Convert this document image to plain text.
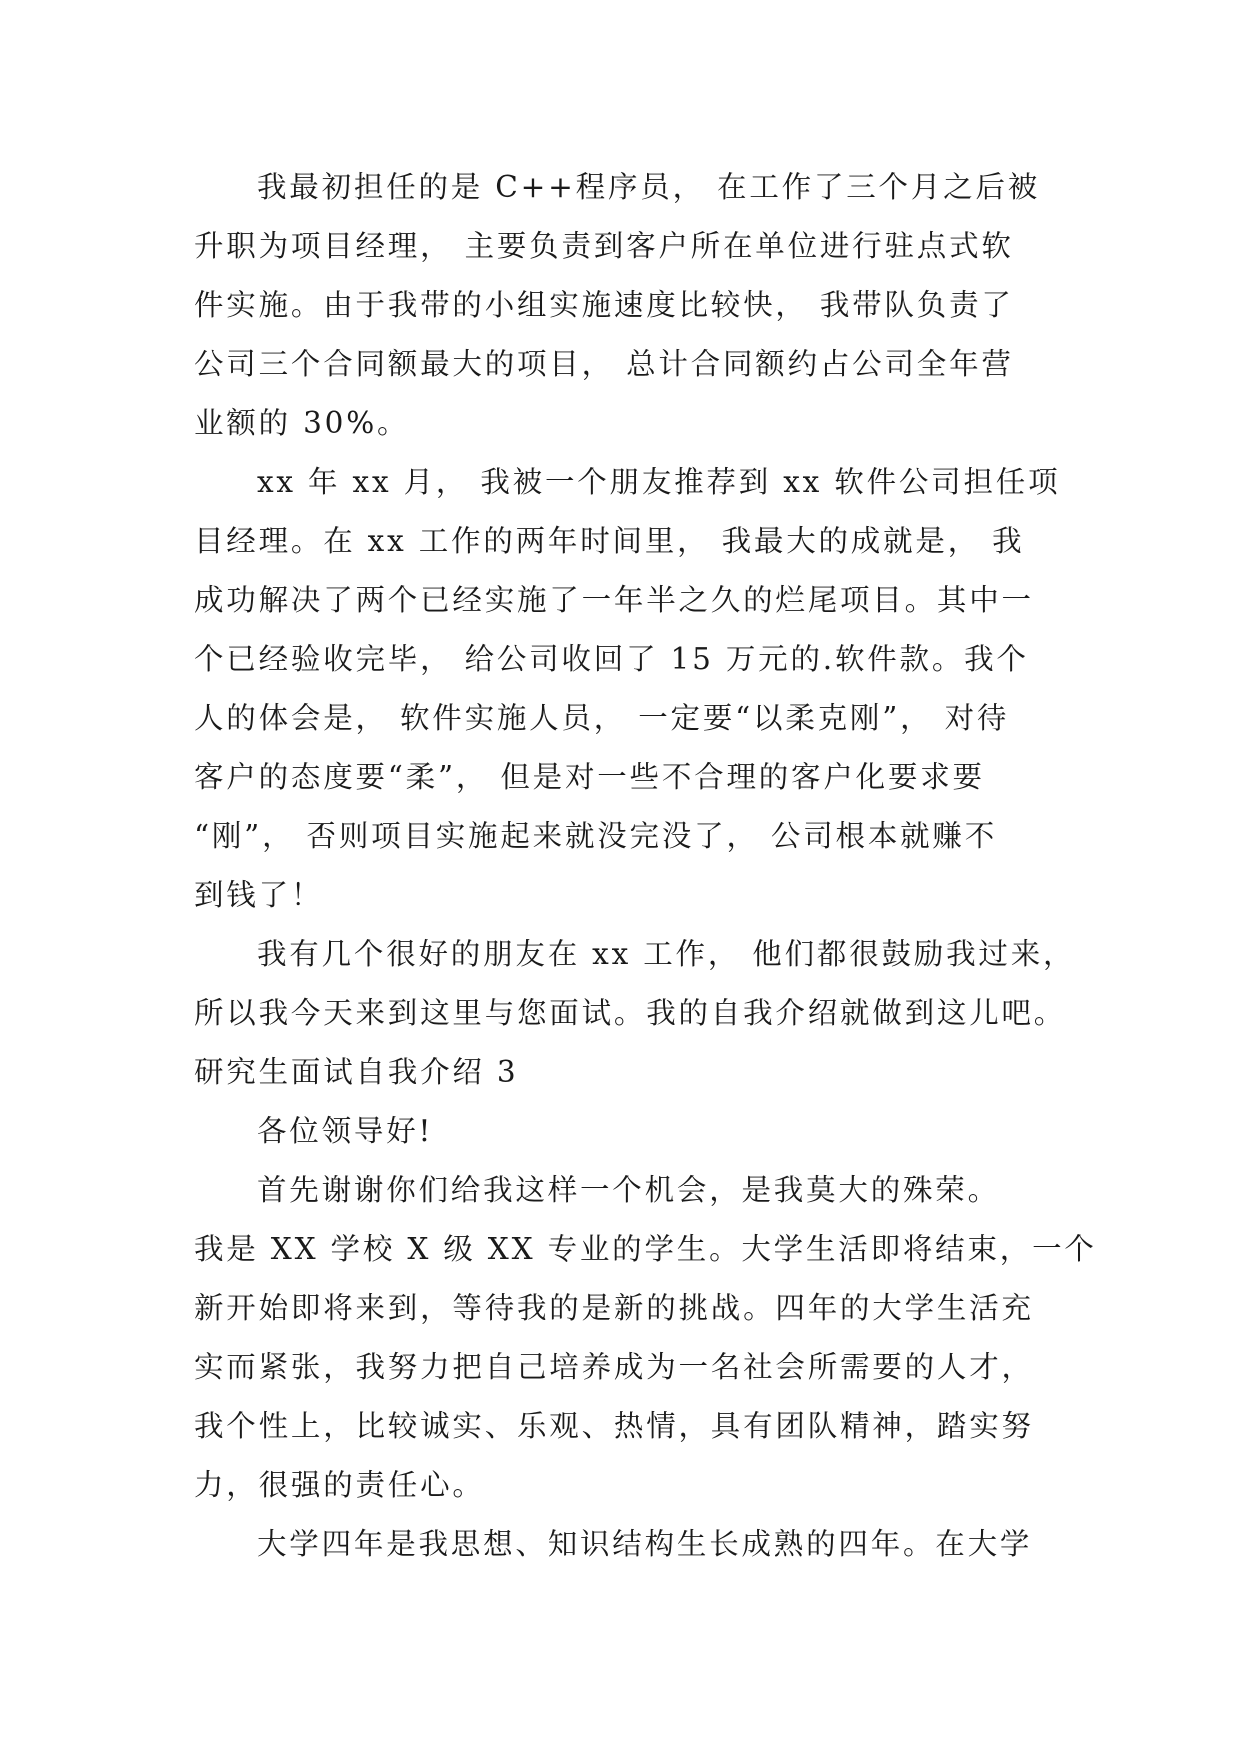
我最初担任的是 C++程序员， 在工作了三个月之后被
升职为项目经理， 主要负责到客户所在单位进行驻点式软
件实施。由于我带的小组实施速度比较快， 我带队负责了
公司三个合同额最大的项目， 总计合同额约占公司全年营
业额的 30%。
xx 年 xx 月， 我被一个朋友推荐到 xx 软件公司担任项
目经理。在 xx 工作的两年时间里， 我最大的成就是， 我
成功解决了两个已经实施了一年半之久的烂尾项目。其中一
个已经验收完毕， 给公司收回了 15 万元的.软件款。我个
人的体会是， 软件实施人员， 一定要“以柔克刚”， 对待
客户的态度要“柔”， 但是对一些不合理的客户化要求要
“刚”， 否则项目实施起来就没完没了， 公司根本就赚不
到钱了！
我有几个很好的朋友在 xx 工作， 他们都很鼓励我过来，
所以我今天来到这里与您面试。我的自我介绍就做到这儿吧。
研究生面试自我介绍 3
各位领导好!
首先谢谢你们给我这样一个机会，是我莫大的殊荣。
我是 XX 学校 X 级 XX 专业的学生。大学生活即将结束，一个
新开始即将来到，等待我的是新的挑战。四年的大学生活充
实而紧张，我努力把自己培养成为一名社会所需要的人才，
我个性上，比较诚实、乐观、热情，具有团队精神，踏实努
力，很强的责任心。
大学四年是我思想、知识结构生长成熟的四年。在大学
